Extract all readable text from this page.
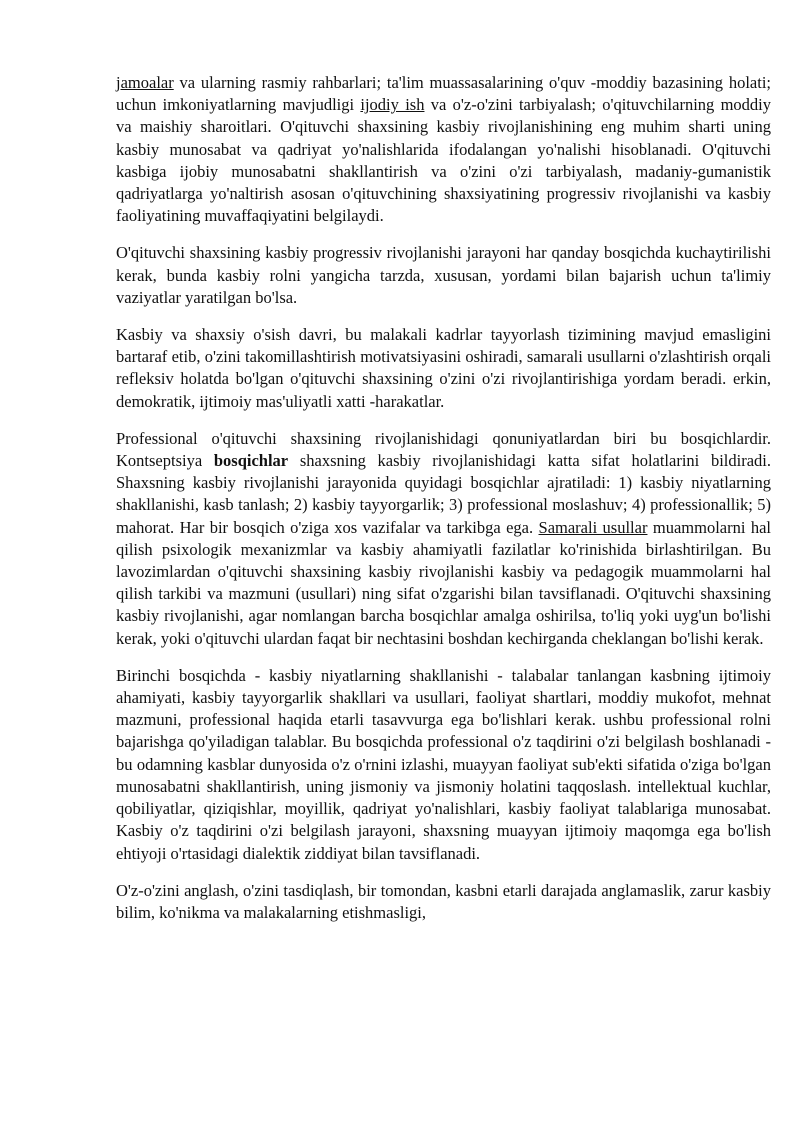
jamoalar va ularning rasmiy rahbarlari; ta'lim muassasalarining o'quv -moddiy bazasining holati; uchun imkoniyatlarning mavjudligi ijodiy ish va o'z-o'zini tarbiyalash; o'qituvchilarning moddiy va maishiy sharoitlari. O'qituvchi shaxsining kasbiy rivojlanishining eng muhim sharti uning kasbiy munosabat va qadriyat yo'nalishlarida ifodalangan yo'nalishi hisoblanadi. O'qituvchi kasbiga ijobiy munosabatni shakllantirish va o'zini o'zi tarbiyalash, madaniy-gumanistik qadriyatlarga yo'naltirish asosan o'qituvchining shaxsiyatining progressiv rivojlanishi va kasbiy faoliyatining muvaffaqiyatini belgilaydi.

O'qituvchi shaxsining kasbiy progressiv rivojlanishi jarayoni har qanday bosqichda kuchaytirilishi kerak, bunda kasbiy rolni yangicha tarzda, xususan, yordami bilan bajarish uchun ta'limiy vaziyatlar yaratilgan bo'lsa.

Kasbiy va shaxsiy o'sish davri, bu malakali kadrlar tayyorlash tizimining mavjud emasligini bartaraf etib, o'zini takomillashtirish motivatsiyasini oshiradi, samarali usullarni o'zlashtirish orqali refleksiv holatda bo'lgan o'qituvchi shaxsining o'zini o'zi rivojlantirishiga yordam beradi. erkin, demokratik, ijtimoiy mas'uliyatli xatti -harakatlar.

Professional o'qituvchi shaxsining rivojlanishidagi qonuniyatlardan biri bu bosqichlardir. Kontseptsiya bosqichlar shaxsning kasbiy rivojlanishidagi katta sifat holatlarini bildiradi. Shaxsning kasbiy rivojlanishi jarayonida quyidagi bosqichlar ajratiladi: 1) kasbiy niyatlarning shakllanishi, kasb tanlash; 2) kasbiy tayyorgarlik; 3) professional moslashuv; 4) professionallik; 5) mahorat. Har bir bosqich o'ziga xos vazifalar va tarkibga ega. Samarali usullar muammolarni hal qilish psixologik mexanizmlar va kasbiy ahamiyatli fazilatlar ko'rinishida birlashtirilgan. Bu lavozimlardan o'qituvchi shaxsining kasbiy rivojlanishi kasbiy va pedagogik muammolarni hal qilish tarkibi va mazmuni (usullari) ning sifat o'zgarishi bilan tavsiflanadi. O'qituvchi shaxsining kasbiy rivojlanishi, agar nomlangan barcha bosqichlar amalga oshirilsa, to'liq yoki uyg'un bo'lishi kerak, yoki o'qituvchi ulardan faqat bir nechtasini boshdan kechirganda cheklangan bo'lishi kerak.

Birinchi bosqichda - kasbiy niyatlarning shakllanishi - talabalar tanlangan kasbning ijtimoiy ahamiyati, kasbiy tayyorgarlik shakllari va usullari, faoliyat shartlari, moddiy mukofot, mehnat mazmuni, professional haqida etarli tasavvurga ega bo'lishlari kerak. ushbu professional rolni bajarishga qo'yiladigan talablar. Bu bosqichda professional o'z taqdirini o'zi belgilash boshlanadi - bu odamning kasblar dunyosida o'z o'rnini izlashi, muayyan faoliyat sub'ekti sifatida o'ziga bo'lgan munosabatni shakllantirish, uning jismoniy va jismoniy holatini taqqoslash. intellektual kuchlar, qobiliyatlar, qiziqishlar, moyillik, qadriyat yo'nalishlari, kasbiy faoliyat talablariga munosabat. Kasbiy o'z taqdirini o'zi belgilash jarayoni, shaxsning muayyan ijtimoiy maqomga ega bo'lish ehtiyoji o'rtasidagi dialektik ziddiyat bilan tavsiflanadi.

O'z-o'zini anglash, o'zini tasdiqlash, bir tomondan, kasbni etarli darajada anglamaslik, zarur kasbiy bilim, ko'nikma va malakalarning etishmasligi,
